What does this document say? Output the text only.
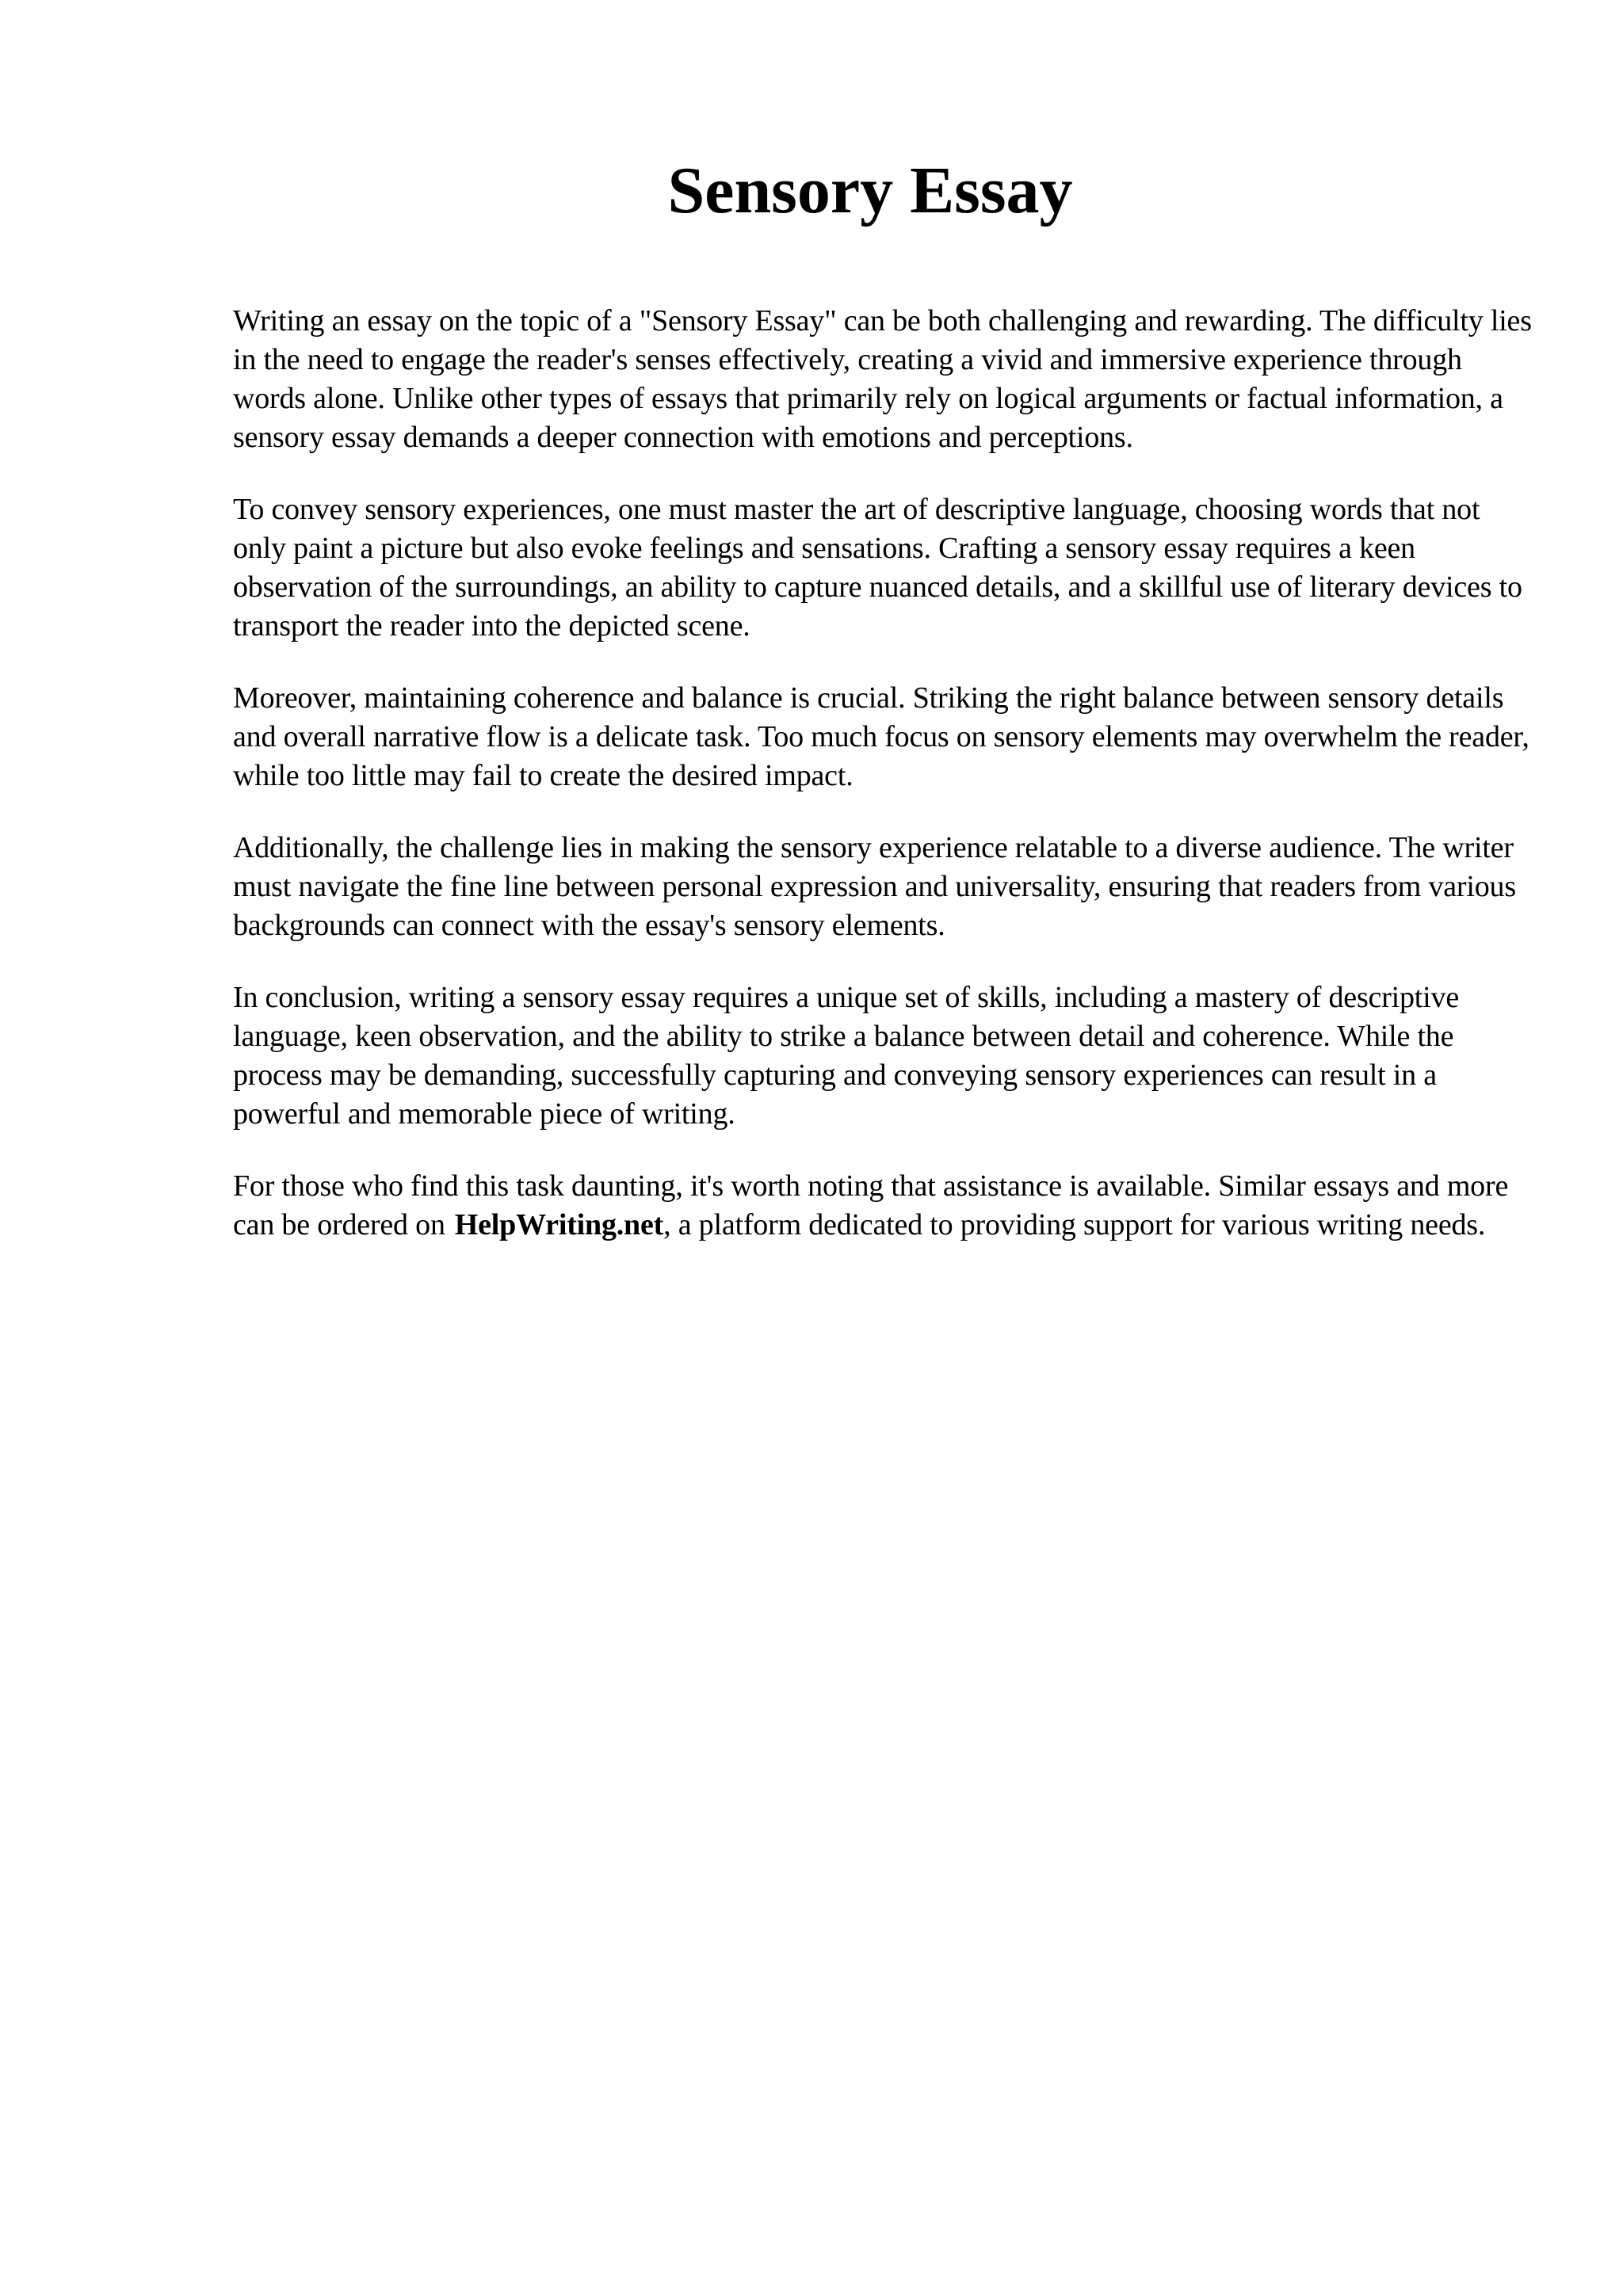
Sensory Essay

Writing an essay on the topic of a "Sensory Essay" can be both challenging and rewarding. The difficulty lies in the need to engage the reader's senses effectively, creating a vivid and immersive experience through words alone. Unlike other types of essays that primarily rely on logical arguments or factual information, a sensory essay demands a deeper connection with emotions and perceptions.

To convey sensory experiences, one must master the art of descriptive language, choosing words that not only paint a picture but also evoke feelings and sensations. Crafting a sensory essay requires a keen observation of the surroundings, an ability to capture nuanced details, and a skillful use of literary devices to transport the reader into the depicted scene.

Moreover, maintaining coherence and balance is crucial. Striking the right balance between sensory details and overall narrative flow is a delicate task. Too much focus on sensory elements may overwhelm the reader, while too little may fail to create the desired impact.

Additionally, the challenge lies in making the sensory experience relatable to a diverse audience. The writer must navigate the fine line between personal expression and universality, ensuring that readers from various backgrounds can connect with the essay's sensory elements.

In conclusion, writing a sensory essay requires a unique set of skills, including a mastery of descriptive language, keen observation, and the ability to strike a balance between detail and coherence. While the process may be demanding, successfully capturing and conveying sensory experiences can result in a powerful and memorable piece of writing.

For those who find this task daunting, it's worth noting that assistance is available. Similar essays and more can be ordered on HelpWriting.net, a platform dedicated to providing support for various writing needs.
